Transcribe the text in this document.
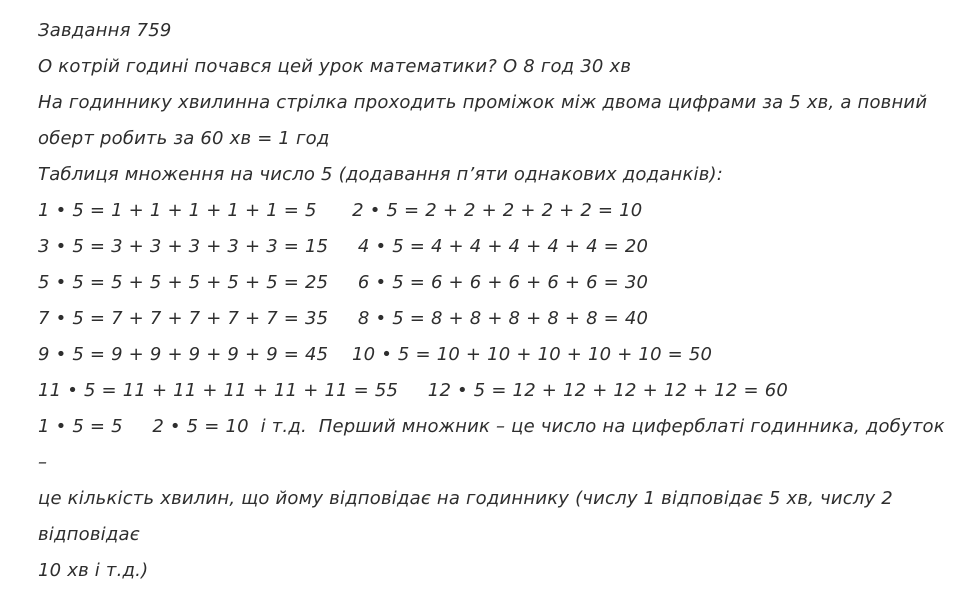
Завдання 759
О котрій годині почався цей урок математики? О 8 год 30 хв
На годиннику хвилинна стрілка проходить проміжок між двома цифрами за 5 хв, а повний
оберт робить за 60 хв = 1 год
Таблиця множення на число 5 (додавання п’яти однакових доданків):
1 • 5 = 1 + 1 + 1 + 1 + 1 = 5      2 • 5 = 2 + 2 + 2 + 2 + 2 = 10
3 • 5 = 3 + 3 + 3 + 3 + 3 = 15     4 • 5 = 4 + 4 + 4 + 4 + 4 = 20
5 • 5 = 5 + 5 + 5 + 5 + 5 = 25     6 • 5 = 6 + 6 + 6 + 6 + 6 = 30
7 • 5 = 7 + 7 + 7 + 7 + 7 = 35     8 • 5 = 8 + 8 + 8 + 8 + 8 = 40
9 • 5 = 9 + 9 + 9 + 9 + 9 = 45    10 • 5 = 10 + 10 + 10 + 10 + 10 = 50
11 • 5 = 11 + 11 + 11 + 11 + 11 = 55     12 • 5 = 12 + 12 + 12 + 12 + 12 = 60
1 • 5 = 5     2 • 5 = 10  і т.д.  Перший множник – це число на циферблаті годинника, добуток –
це кількість хвилин, що йому відповідає на годиннику (числу 1 відповідає 5 хв, числу 2 відповідає
10 хв і т.д.)
